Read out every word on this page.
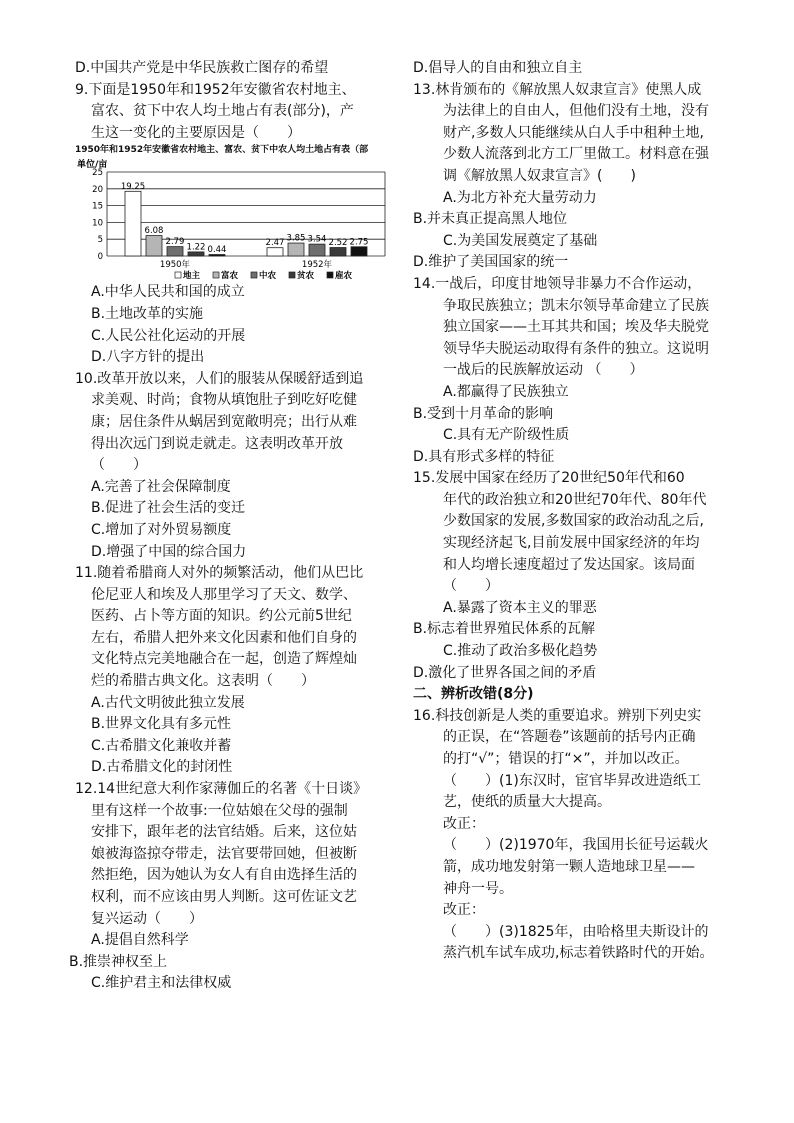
D.中国共产党是中华民族救亡图存的希望
9.下面是1950年和1952年安徽省农村地主、
富农、贫下中农人均土地占有表(部分)，产
生这一变化的主要原因是（　　）
1950年和1952年安徽省农村地主、富农、贫下中农人均土地占有表（部
单位/亩
0
5
10
15
20
25
19.25
6.08
2.79
1.22 0.44
1950年
2.47 3.85 3.54 2.52 2.75
1952年
地主 富农 中农 贫农 雇农
A.中华人民共和国的成立
B.土地改革的实施
C.人民公社化运动的开展
D.八字方针的提出
10.改革开放以来，人们的服装从保暖舒适到追
求美观、时尚；食物从填饱肚子到吃好吃健
康；居住条件从蜗居到宽敞明亮；出行从难
得出次远门到说走就走。这表明改革开放
（　　）
A.完善了社会保障制度
B.促进了社会生活的变迁
C.增加了对外贸易额度
D.增强了中国的综合国力
11.随着希腊商人对外的频繁活动，他们从巴比
伦尼亚人和埃及人那里学习了天文、数学、
医药、占卜等方面的知识。约公元前5世纪
左右，希腊人把外来文化因素和他们自身的
文化特点完美地融合在一起，创造了辉煌灿
烂的希腊古典文化。这表明（　　）
A.古代文明彼此独立发展
B.世界文化具有多元性
C.古希腊文化兼收并蓄
D.古希腊文化的封闭性
12.14世纪意大利作家薄伽丘的名著《十日谈》
里有这样一个故事:一位姑娘在父母的强制
安排下，跟年老的法官结婚。后来，这位姑
娘被海盗掠夺带走，法官要带回她，但被断
然拒绝，因为她认为女人有自由选择生活的
权利，而不应该由男人判断。这可佐证文艺
复兴运动（　　）
A.提倡自然科学
B.推崇神权至上
C.维护君主和法律权威
D.倡导人的自由和独立自主
13.林肯颁布的《解放黑人奴隶宣言》使黑人成
为法律上的自由人，但他们没有土地，没有
财产,多数人只能继续从白人手中租种土地,
少数人流落到北方工厂里做工。材料意在强
调《解放黑人奴隶宣言》(　　)
A.为北方补充大量劳动力
B.并未真正提高黑人地位
C.为美国发展奠定了基础
D.维护了美国国家的统一
14.一战后，印度甘地领导非暴力不合作运动，
争取民族独立；凯末尔领导革命建立了民族
独立国家——土耳其共和国；埃及华夫脱党
领导华夫脱运动取得有条件的独立。这说明
一战后的民族解放运动 （　　）
A.都赢得了民族独立
B.受到十月革命的影响
C.具有无产阶级性质
D.具有形式多样的特征
15.发展中国家在经历了20世纪50年代和60
年代的政治独立和20世纪70年代、80年代
少数国家的发展,多数国家的政治动乱之后,
实现经济起飞,目前发展中国家经济的年均
和人均增长速度超过了发达国家。该局面
（　　）
A.暴露了资本主义的罪恶
B.标志着世界殖民体系的瓦解
C.推动了政治多极化趋势
D.激化了世界各国之间的矛盾
二、辨析改错(8分)
16.科技创新是人类的重要追求。辨别下列史实
的正误，在“答题卷”该题前的括号内正确
的打“√”；错误的打“×”，并加以改正。
（　　）(1)东汉时，宦官毕昇改进造纸工
艺，使纸的质量大大提高。
改正：
（　　）(2)1970年，我国用长征号运载火
箭，成功地发射第一颗人造地球卫星——
神舟一号。
改正：
（　　）(3)1825年，由哈格里夫斯设计的
蒸汽机车试车成功,标志着铁路时代的开始。
